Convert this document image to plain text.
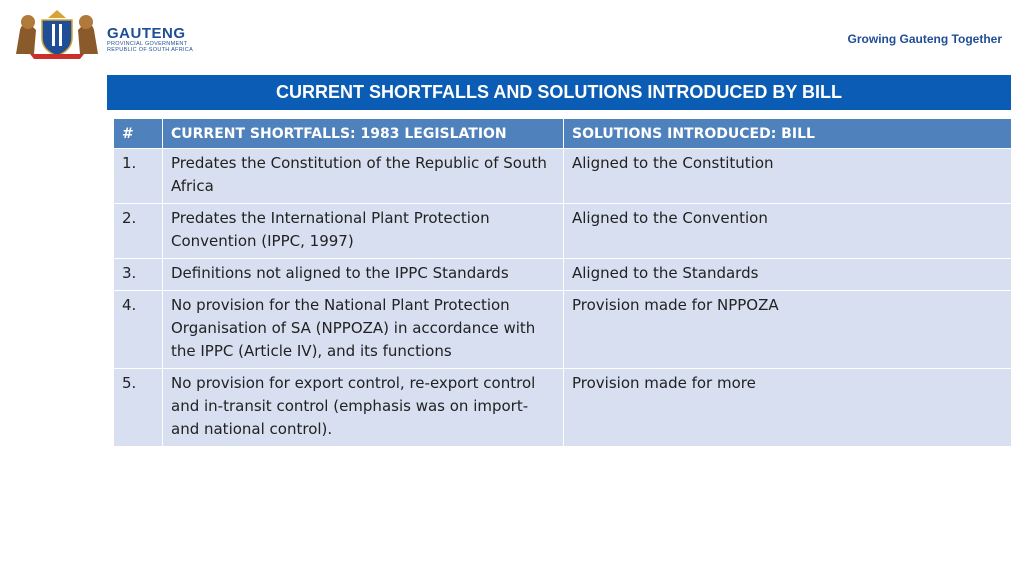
GAUTENG
PROVINCIAL GOVERNMENT
REPUBLIC OF SOUTH AFRICA
Growing Gauteng Together
CURRENT SHORTFALLS AND SOLUTIONS INTRODUCED BY BILL
#	CURRENT SHORTFALLS: 1983 LEGISLATION	SOLUTIONS INTRODUCED: BILL
1.	Predates the Constitution of the Republic of South Africa	Aligned to the Constitution
2.	Predates the International Plant Protection Convention (IPPC, 1997)	Aligned to the Convention
3.	Definitions not aligned to the IPPC Standards	Aligned to the Standards
4.	No provision for the National Plant Protection Organisation of SA (NPPOZA) in accordance with the IPPC (Article IV), and its functions	Provision made for NPPOZA
5.	No provision for export control, re-export control and in-transit control (emphasis was on import- and national control).	Provision made for more
